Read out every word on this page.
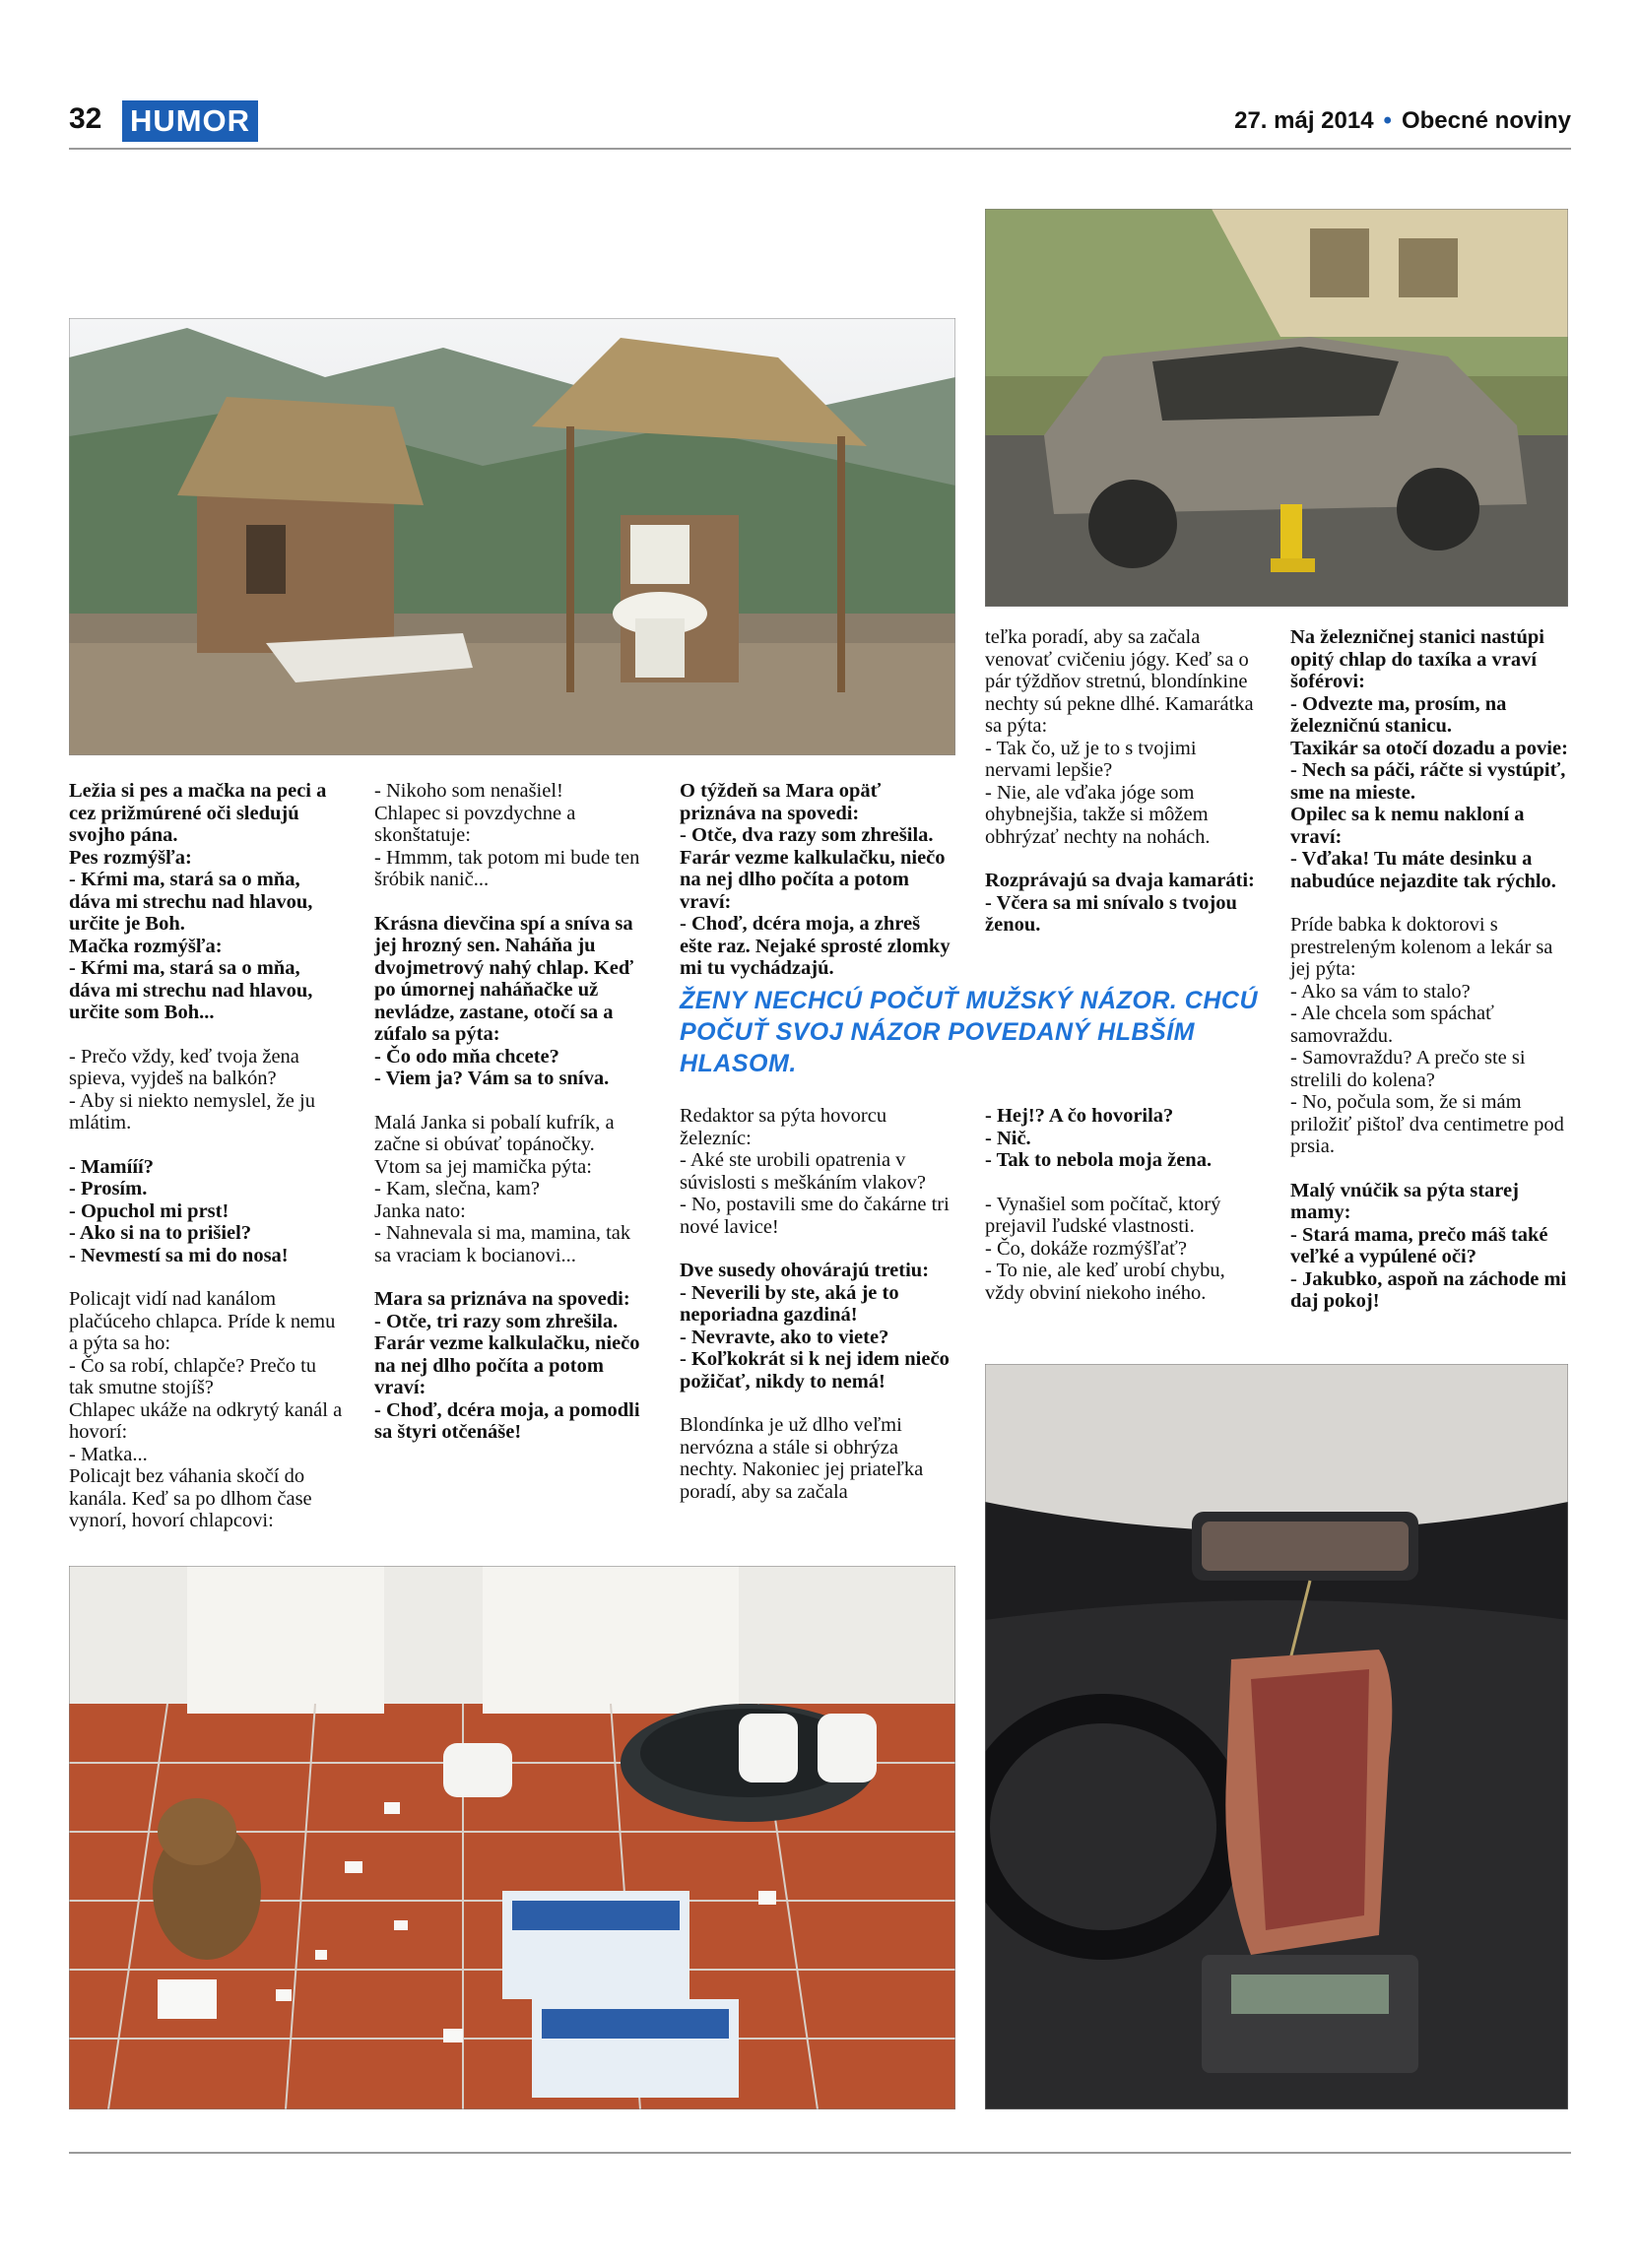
32 HUMOR	27. máj 2014 • Obecné noviny

Ležia si pes a mačka na peci a cez prižmúrené oči sledujú svojho pána.
Pes rozmýšľa:
- Kŕmi ma, stará sa o mňa, dáva mi strechu nad hlavou, určite je Boh.
Mačka rozmýšľa:
- Kŕmi ma, stará sa o mňa, dáva mi strechu nad hlavou, určite som Boh...

- Prečo vždy, keď tvoja žena spieva, vyjdeš na balkón?
- Aby si niekto nemyslel, že ju mlátim.

- Mamííí?
- Prosím.
- Opuchol mi prst!
- Ako si na to prišiel?
- Nevmestí sa mi do nosa!

Policajt vidí nad kanálom plačúceho chlapca. Príde k nemu a pýta sa ho:
- Čo sa robí, chlapče? Prečo tu tak smutne stojíš?
Chlapec ukáže na odkrytý kanál a hovorí:
- Matka...
Policajt bez váhania skočí do kanála. Keď sa po dlhom čase vynorí, hovorí chlapcovi:

- Nikoho som nenašiel!
Chlapec si povzdychne a skonštatuje:
- Hmmm, tak potom mi bude ten šróbik nanič...

Krásna dievčina spí a sníva sa jej hrozný sen. Naháňa ju dvojmetrový nahý chlap. Keď po úmornej naháňačke už nevládze, zastane, otočí sa a zúfalo sa pýta:
- Čo odo mňa chcete?
- Viem ja? Vám sa to sníva.

Malá Janka si pobalí kufrík, a začne si obúvať topánočky.
Vtom sa jej mamička pýta:
- Kam, slečna, kam?
Janka nato:
- Nahnevala si ma, mamina, tak sa vraciam k bocianovi...

Mara sa priznáva na spovedi:
- Otče, tri razy som zhrešila. Farár vezme kalkulačku, niečo na nej dlho počíta a potom vraví:
- Choď, dcéra moja, a pomodli sa štyri otčenáše!

O týždeň sa Mara opäť priznáva na spovedi:
- Otče, dva razy som zhrešila. Farár vezme kalkulačku, niečo na nej dlho počíta a potom vraví:
- Choď, dcéra moja, a zhreš ešte raz. Nejaké sprosté zlomky mi tu vychádzajú.

teľka poradí, aby sa začala venovať cvičeniu jógy. Keď sa o pár týždňov stretnú, blondínkine nechty sú pekne dlhé. Kamarátka sa pýta:
- Tak čo, už je to s tvojimi nervami lepšie?
- Nie, ale vďaka jóge som ohybnejšia, takže si môžem obhrýzať nechty na nohách.

Rozprávajú sa dvaja kamaráti:
- Včera sa mi snívalo s tvojou ženou.

ŽENY NECHCÚ POČUŤ MUŽSKÝ NÁZOR. CHCÚ POČUŤ SVOJ NÁZOR POVEDANÝ HLBŠÍM HLASOM.

Redaktor sa pýta hovorcu železníc:
- Aké ste urobili opatrenia v súvislosti s meškáním vlakov?
- No, postavili sme do čakárne tri nové lavice!

Dve susedy ohovárajú tretiu:
- Neverili by ste, aká je to neporiadna gazdiná!
- Nevravte, ako to viete?
- Koľkokrát si k nej idem niečo požičať, nikdy to nemá!

Blondínka je už dlho veľmi nervózna a stále si obhrýza nechty. Nakoniec jej priateľka poradí, aby sa začala

- Hej!? A čo hovorila?
- Nič.
- Tak to nebola moja žena.

- Vynašiel som počítač, ktorý prejavil ľudské vlastnosti.
- Čo, dokáže rozmýšľať?
- To nie, ale keď urobí chybu, vždy obviní niekoho iného.

Na železničnej stanici nastúpi opitý chlap do taxíka a vraví šoférovi:
- Odvezte ma, prosím, na železničnú stanicu.
Taxikár sa otočí dozadu a povie:
- Nech sa páči, ráčte si vystúpiť, sme na mieste.
Opilec sa k nemu nakloní a vraví:
- Vďaka! Tu máte desinku a nabudúce nejazdite tak rýchlo.

Príde babka k doktorovi s prestreleným kolenom a lekár sa jej pýta:
- Ako sa vám to stalo?
- Ale chcela som spáchať samovraždu.
- Samovraždu? A prečo ste si strelili do kolena?
- No, počula som, že si mám priložiť pištoľ dva centimetre pod prsia.

Malý vnúčik sa pýta starej mamy:
- Stará mama, prečo máš také veľké a vypúlené oči?
- Jakubko, aspoň na záchode mi daj pokoj!
